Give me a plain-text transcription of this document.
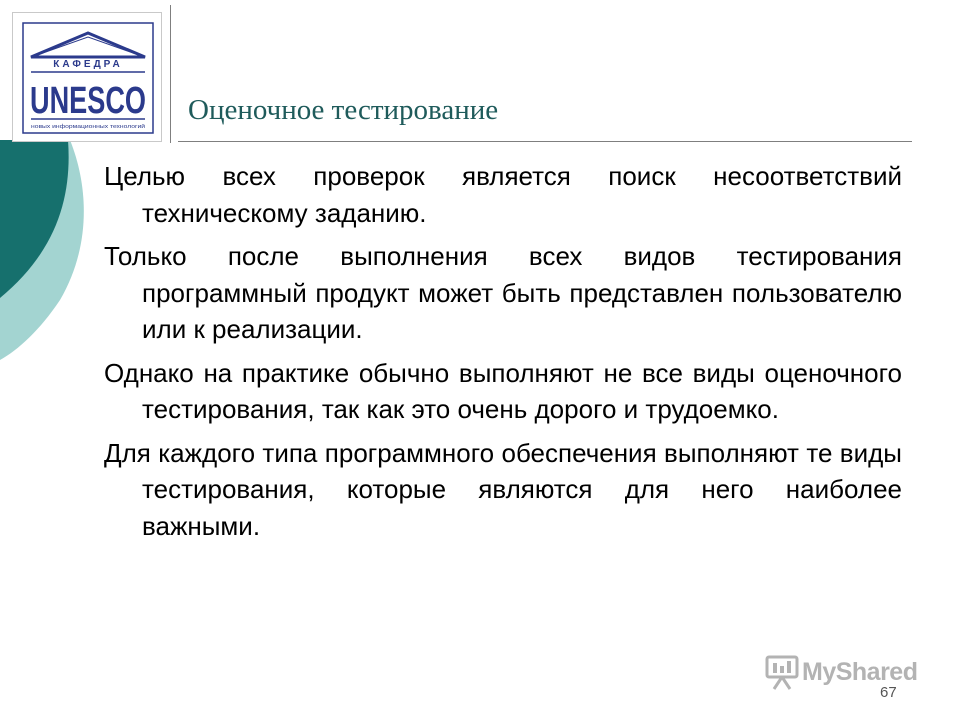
КАФЕДРА
UNESCO
новых информационных технологий
Оценочное тестирование

Целью всех проверок является поиск несоответствий техническому заданию.

Только после выполнения всех видов тестирования программный продукт может быть представлен пользователю или к реализации.

Однако на практике обычно выполняют не все виды оценочного тестирования, так как это очень дорого и трудоемко.

Для каждого типа программного обеспечения выполняют те виды тестирования, которые являются для него наиболее важными.

MyShared
67
